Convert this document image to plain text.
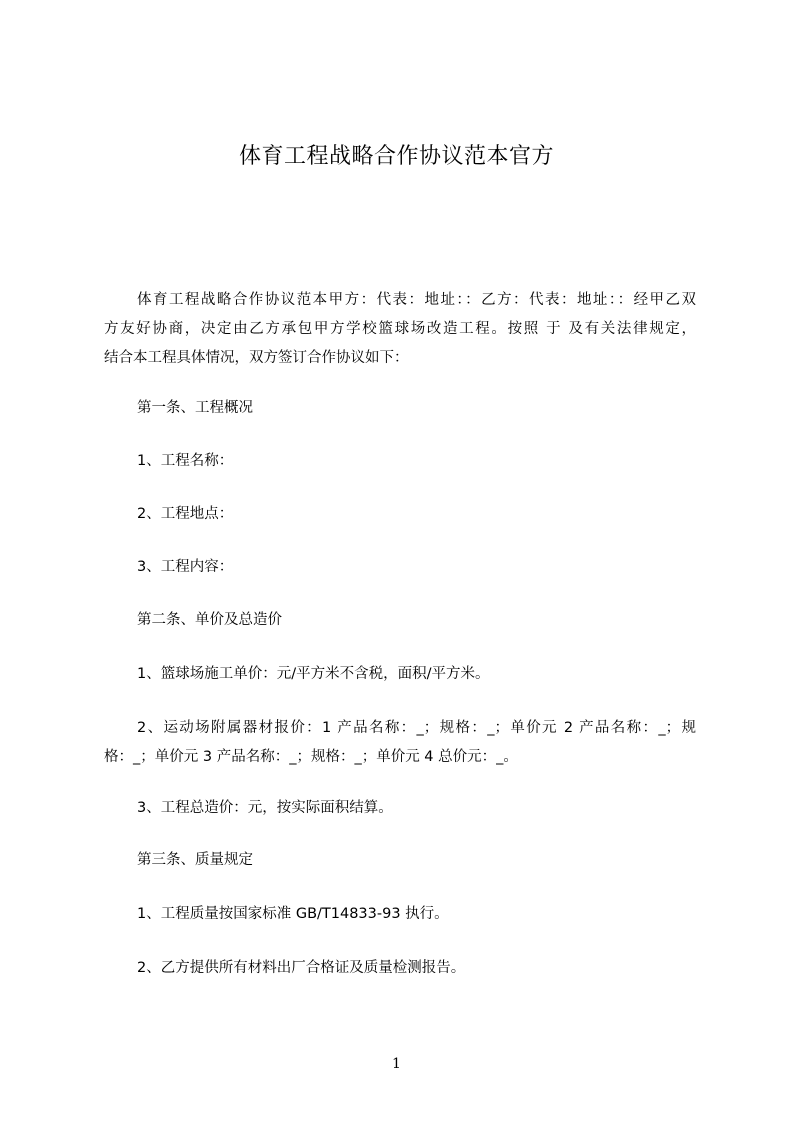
体育工程战略合作协议范本官方
体育工程战略合作协议范本甲方：代表：地址：：乙方：代表：地址：：经甲乙双
方友好协商，决定由乙方承包甲方学校篮球场改造工程。按照 于 及有关法律规定，
结合本工程具体情况，双方签订合作协议如下：

第一条、工程概况

1、工程名称：

2、工程地点：

3、工程内容：

第二条、单价及总造价

1、篮球场施工单价：元/平方米不含税，面积/平方米。

2、运动场附属器材报价：1 产品名称：_；规格：_；单价元 2 产品名称：_；规
格：_；单价元 3 产品名称：_；规格：_；单价元 4 总价元：_。

3、工程总造价：元，按实际面积结算。

第三条、质量规定

1、工程质量按国家标准 GB/T14833-93 执行。

2、乙方提供所有材料出厂合格证及质量检测报告。

1
